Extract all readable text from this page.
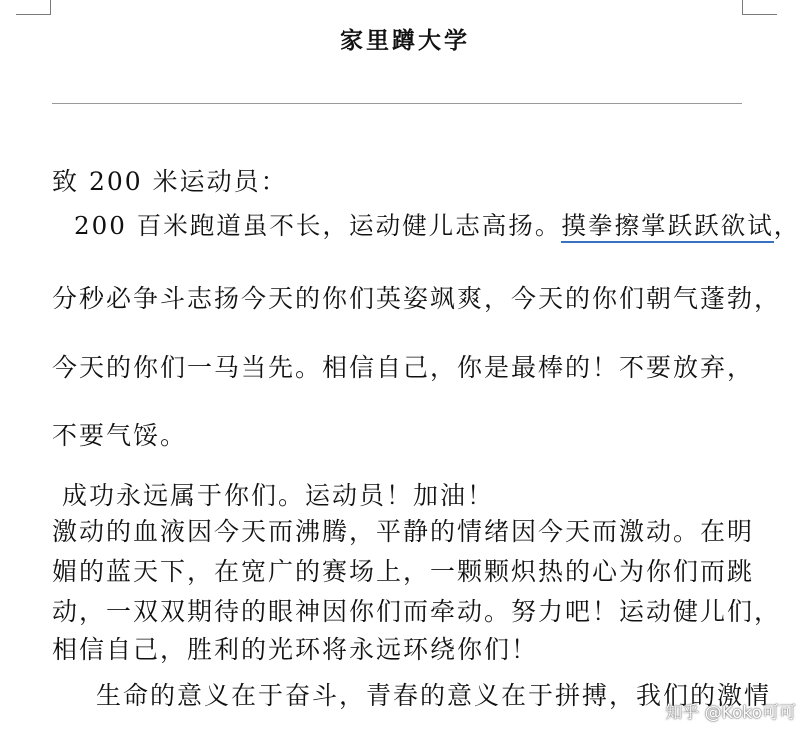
家里蹲大学
致 200 米运动员：
200 百米跑道虽不长，运动健儿志高扬。摸拳擦掌跃跃欲试，
分秒必争斗志扬今天的你们英姿飒爽，今天的你们朝气蓬勃，
今天的你们一马当先。相信自己，你是最棒的！不要放弃，
不要气馁。
成功永远属于你们。运动员！加油！
激动的血液因今天而沸腾，平静的情绪因今天而激动。在明
媚的蓝天下，在宽广的赛场上，一颗颗炽热的心为你们而跳
动，一双双期待的眼神因你们而牵动。努力吧！运动健儿们，
相信自己，胜利的光环将永远环绕你们！
生命的意义在于奋斗，青春的意义在于拼搏，我们的激情
知乎 @Koko可可
